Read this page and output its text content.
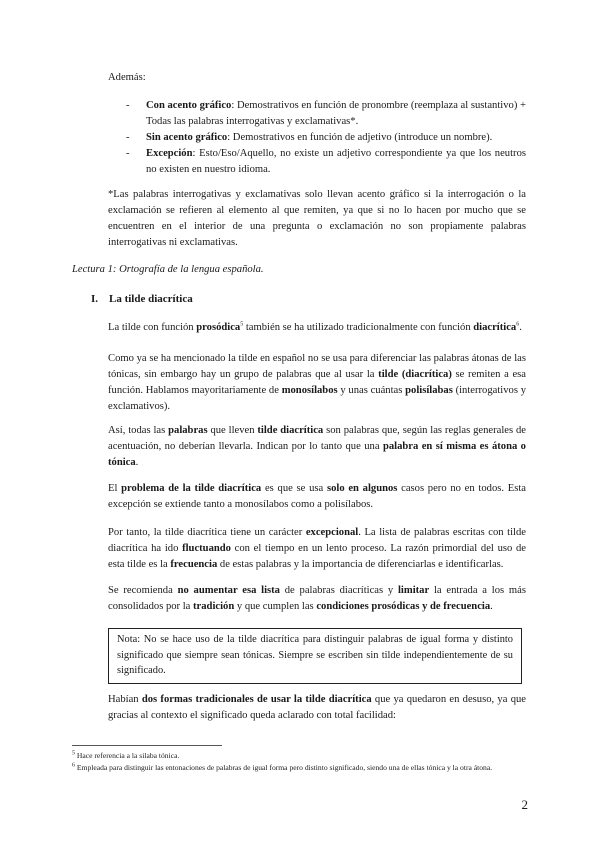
Además:

- Con acento gráfico: Demostrativos en función de pronombre (reemplaza al sustantivo) + Todas las palabras interrogativas y exclamativas*.
- Sin acento gráfico: Demostrativos en función de adjetivo (introduce un nombre).
- Excepción: Esto/Eso/Aquello, no existe un adjetivo correspondiente ya que los neutros no existen en nuestro idioma.

*Las palabras interrogativas y exclamativas solo llevan acento gráfico si la interrogación o la exclamación se refieren al elemento al que remiten, ya que si no lo hacen por mucho que se encuentren en el interior de una pregunta o exclamación no son propiamente palabras interrogativas ni exclamativas.

Lectura 1: Ortografía de la lengua española.
I. La tilde diacrítica

La tilde con función prosódica$^5$ también se ha utilizado tradicionalmente con función diacrítica$^6$.

Como ya se ha mencionado la tilde en español no se usa para diferenciar las palabras átonas de las tónicas, sin embargo hay un grupo de palabras que al usar la tilde (diacrítica) se remiten a esa función. Hablamos mayoritariamente de monosílabos y unas cuántas polisílabas (interrogativos y exclamativos).

Así, todas las palabras que lleven tilde diacrítica son palabras que, según las reglas generales de acentuación, no deberían llevarla. Indican por lo tanto que una palabra en sí misma es átona o tónica.

El problema de la tilde diacrítica es que se usa solo en algunos casos pero no en todos. Esta excepción se extiende tanto a monosílabos como a polisílabos.

Por tanto, la tilde diacrítica tiene un carácter excepcional. La lista de palabras escritas con tilde diacrítica ha ido fluctuando con el tiempo en un lento proceso. La razón primordial del uso de esta tilde es la frecuencia de estas palabras y la importancia de diferenciarlas e identificarlas.

Se recomienda no aumentar esa lista de palabras diacríticas y limitar la entrada a los más consolidados por la tradición y que cumplen las condiciones prosódicas y de frecuencia.

Nota: No se hace uso de la tilde diacrítica para distinguir palabras de igual forma y distinto significado que siempre sean tónicas. Siempre se escriben sin tilde independientemente de su significado.

Habían dos formas tradicionales de usar la tilde diacrítica que ya quedaron en desuso, ya que gracias al contexto el significado queda aclarado con total facilidad:

$^5$ Hace referencia a la silaba tónica.
$^6$ Empleada para distinguir las entonaciones de palabras de igual forma pero distinto significado, siendo una de ellas tónica y la otra átona.
2
